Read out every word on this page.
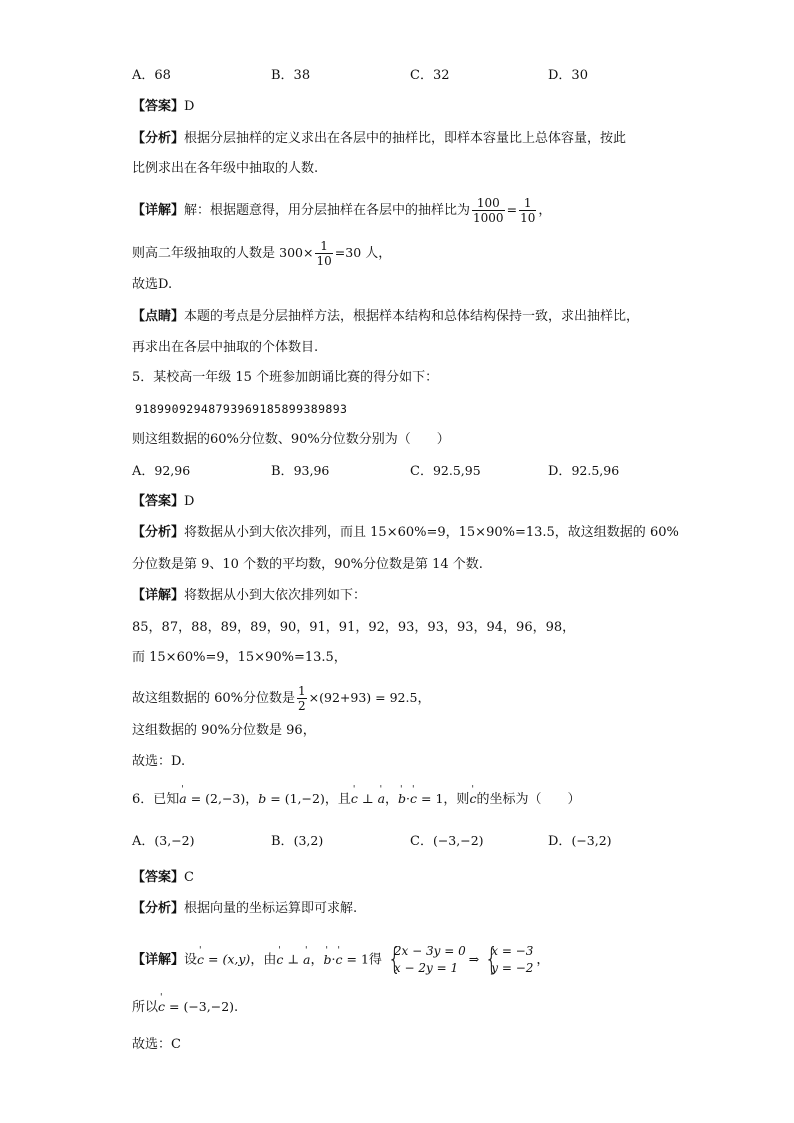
A．68	B．38	C．32	D．30
【答案】D
【分析】根据分层抽样的定义求出在各层中的抽样比，即样本容量比上总体容量，按此
比例求出在各年级中抽取的人数.
【详解】解：根据题意得，用分层抽样在各层中的抽样比为 $\frac{100}{1000} = \frac{1}{10}$ ，
则高二年级抽取的人数是 $300\times \frac{1}{10} =30$ 人，
故选D.
【点睛】本题的考点是分层抽样方法，根据样本结构和总体结构保持一致，求出抽样比，
再求出在各层中抽取的个体数目.
5．某校高一年级 15 个班参加朗诵比赛的得分如下：
91899092948793969185899389893
则这组数据的60%分位数、90%分位数分别为（　　）
A．92,96	B．93,96	C．92.5,95	D．92.5,96
【答案】D
【分析】将数据从小到大依次排列，而且 15×60%=9，15×90%=13.5，故这组数据的 60%
分位数是第 9、10 个数的平均数，90%分位数是第 14 个数.
【详解】将数据从小到大依次排列如下：
85，87，88，89，89，90，91，91，92，93，93，93，94，96，98，
而 15×60%=9，15×90%=13.5，
故这组数据的 60%分位数是 $\frac{1}{2} \times(92+93) = 92.5$，
这组数据的 90%分位数是 96，
故选：D.
6．已知' a = (2,−3)，b = (1,−2)，且' c ⊥ ' a，' b·' c = 1，则' c的坐标为（　　）
A．(3,−2)	B．(3,2)	C．(−3,−2)	D．(−3,2)
【答案】C
【分析】根据向量的坐标运算即可求解.
【详解】设' c = (x,y)，由' c ⊥ ' a，' b·' c = 1得 {
2x − 3y = 0
x − 2y = 1
⇒ {
x = −3
y = −2
，
所以' c = (−3,−2).
故选：C
